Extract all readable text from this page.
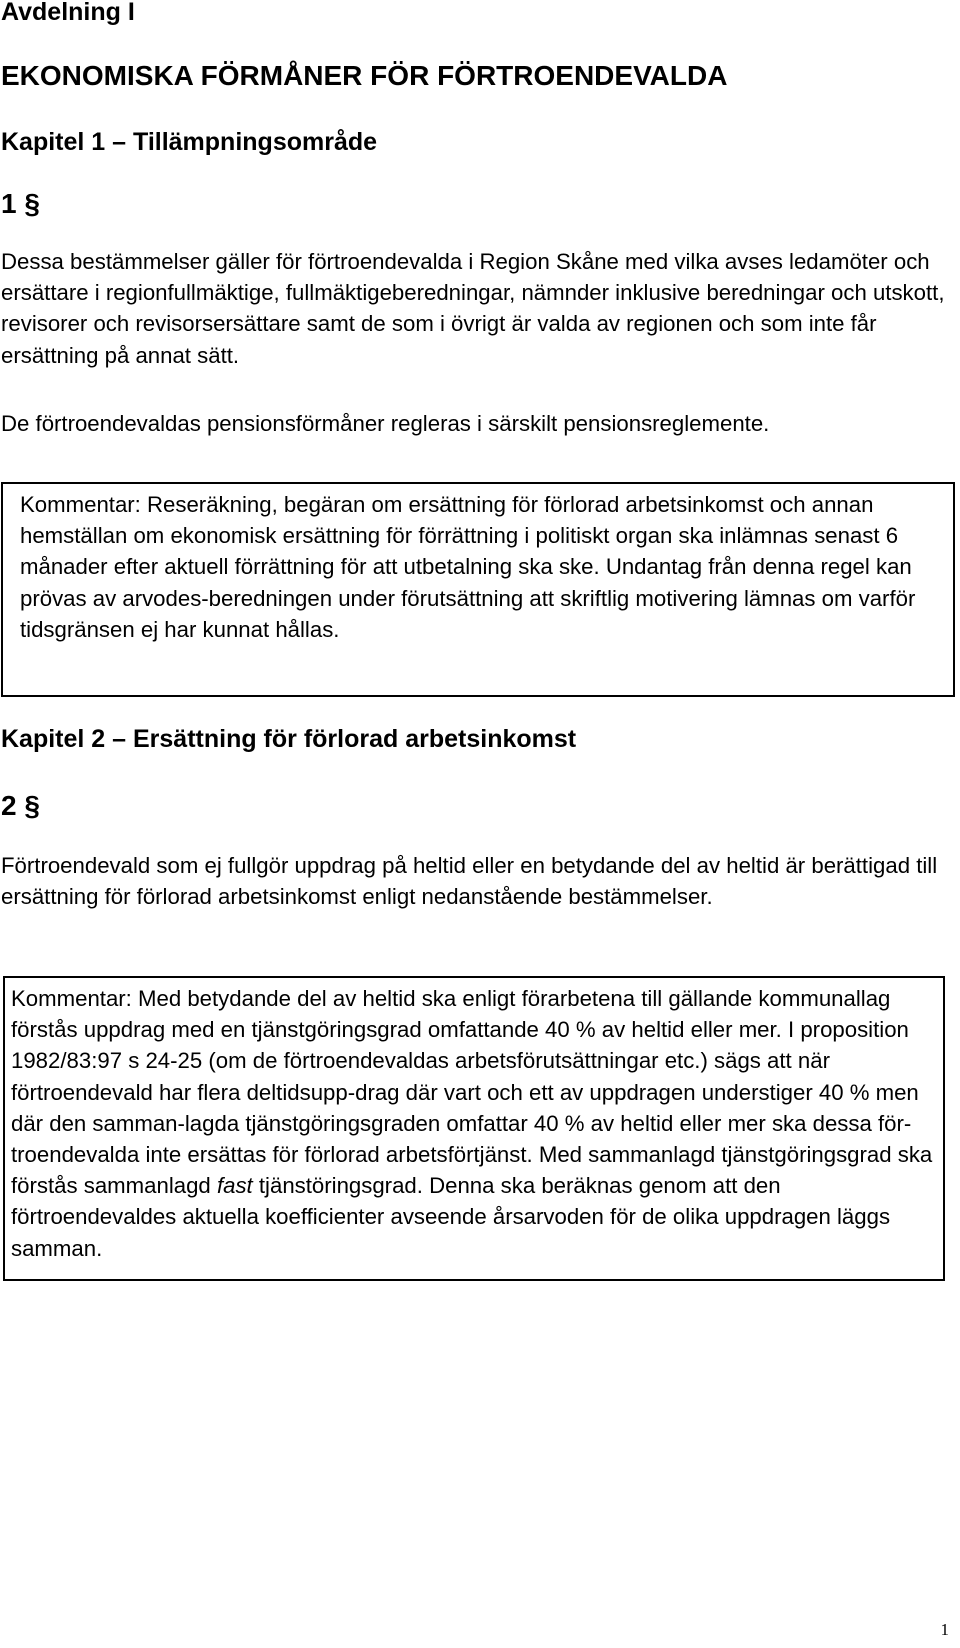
Avdelning I
EKONOMISKA FÖRMÅNER FÖR FÖRTROENDEVALDA
Kapitel 1 – Tillämpningsområde
1 §

Dessa bestämmelser gäller för förtroendevalda i Region Skåne med vilka avses ledamöter och ersättare i regionfullmäktige, fullmäktigeberedningar, nämnder inklusive beredningar och utskott, revisorer och revisorsersättare samt de som i övrigt är valda av regionen och som inte får ersättning på annat sätt.

De förtroendevaldas pensionsförmåner regleras i särskilt pensionsreglemente.

Kommentar: Reseräkning, begäran om ersättning för förlorad arbetsinkomst och annan hemställan om ekonomisk ersättning för förrättning i politiskt organ ska inlämnas senast 6 månader efter aktuell förrättning för att utbetalning ska ske. Undantag från denna regel kan prövas av arvodes-beredningen under förutsättning att skriftlig motivering lämnas om varför tidsgränsen ej har kunnat hållas.
Kapitel 2 – Ersättning för förlorad arbetsinkomst
2 §

Förtroendevald som ej fullgör uppdrag på heltid eller en betydande del av heltid är berättigad till ersättning för förlorad arbetsinkomst enligt nedanstående bestämmelser.

Kommentar: Med betydande del av heltid ska enligt förarbetena till gällande kommunallag förstås uppdrag med en tjänstgöringsgrad omfattande 40 % av heltid eller mer. I proposition 1982/83:97 s 24-25 (om de förtroendevaldas arbetsförutsättningar etc.) sägs att när förtroendevald har flera deltidsupp-drag där vart och ett av uppdragen understiger 40 % men där den samman-lagda tjänstgöringsgraden omfattar 40 % av heltid eller mer ska dessa för-troendevalda inte ersättas för förlorad arbetsförtjänst. Med sammanlagd tjänstgöringsgrad ska förstås sammanlagd fast tjänstöringsgrad. Denna ska beräknas genom att den förtroendevaldes aktuella koefficienter avseende årsarvoden för de olika uppdragen läggs samman.
1
